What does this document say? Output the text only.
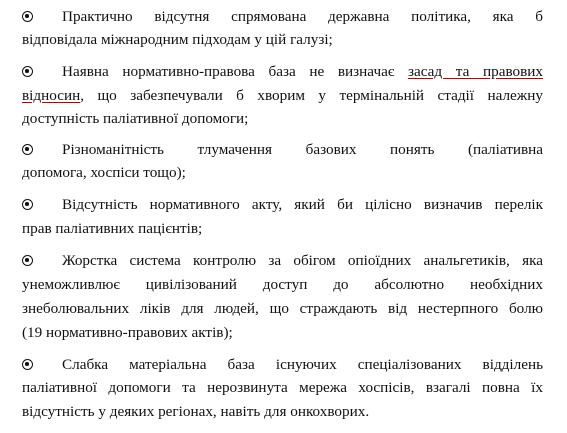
Практично відсутня спрямована державна політика, яка б
відповідала міжнародним підходам у цій галузі;
Наявна нормативно-правова база не визначає засад та правових
відносин, що забезпечували б хворим у термінальній стадії належну
доступність паліативної допомоги;
Різноманітність тлумачення базових понять (паліативна
допомога, хоспіси тощо);
Відсутність нормативного акту, який би цілісно визначив перелік
прав паліативних пацієнтів;
Жорстка система контролю за обігом опіоїдних анальгетиків, яка
унеможливлює цивілізований доступ до абсолютно необхідних
знеболювальних ліків для людей, що страждають від нестерпного болю
(19 нормативно-правових актів);
Слабка матеріальна база існуючих спеціалізованих відділень
паліативної допомоги та нерозвинута мережа хоспісів, взагалі повна їх
відсутність у деяких регіонах, навіть для онкохворих.
